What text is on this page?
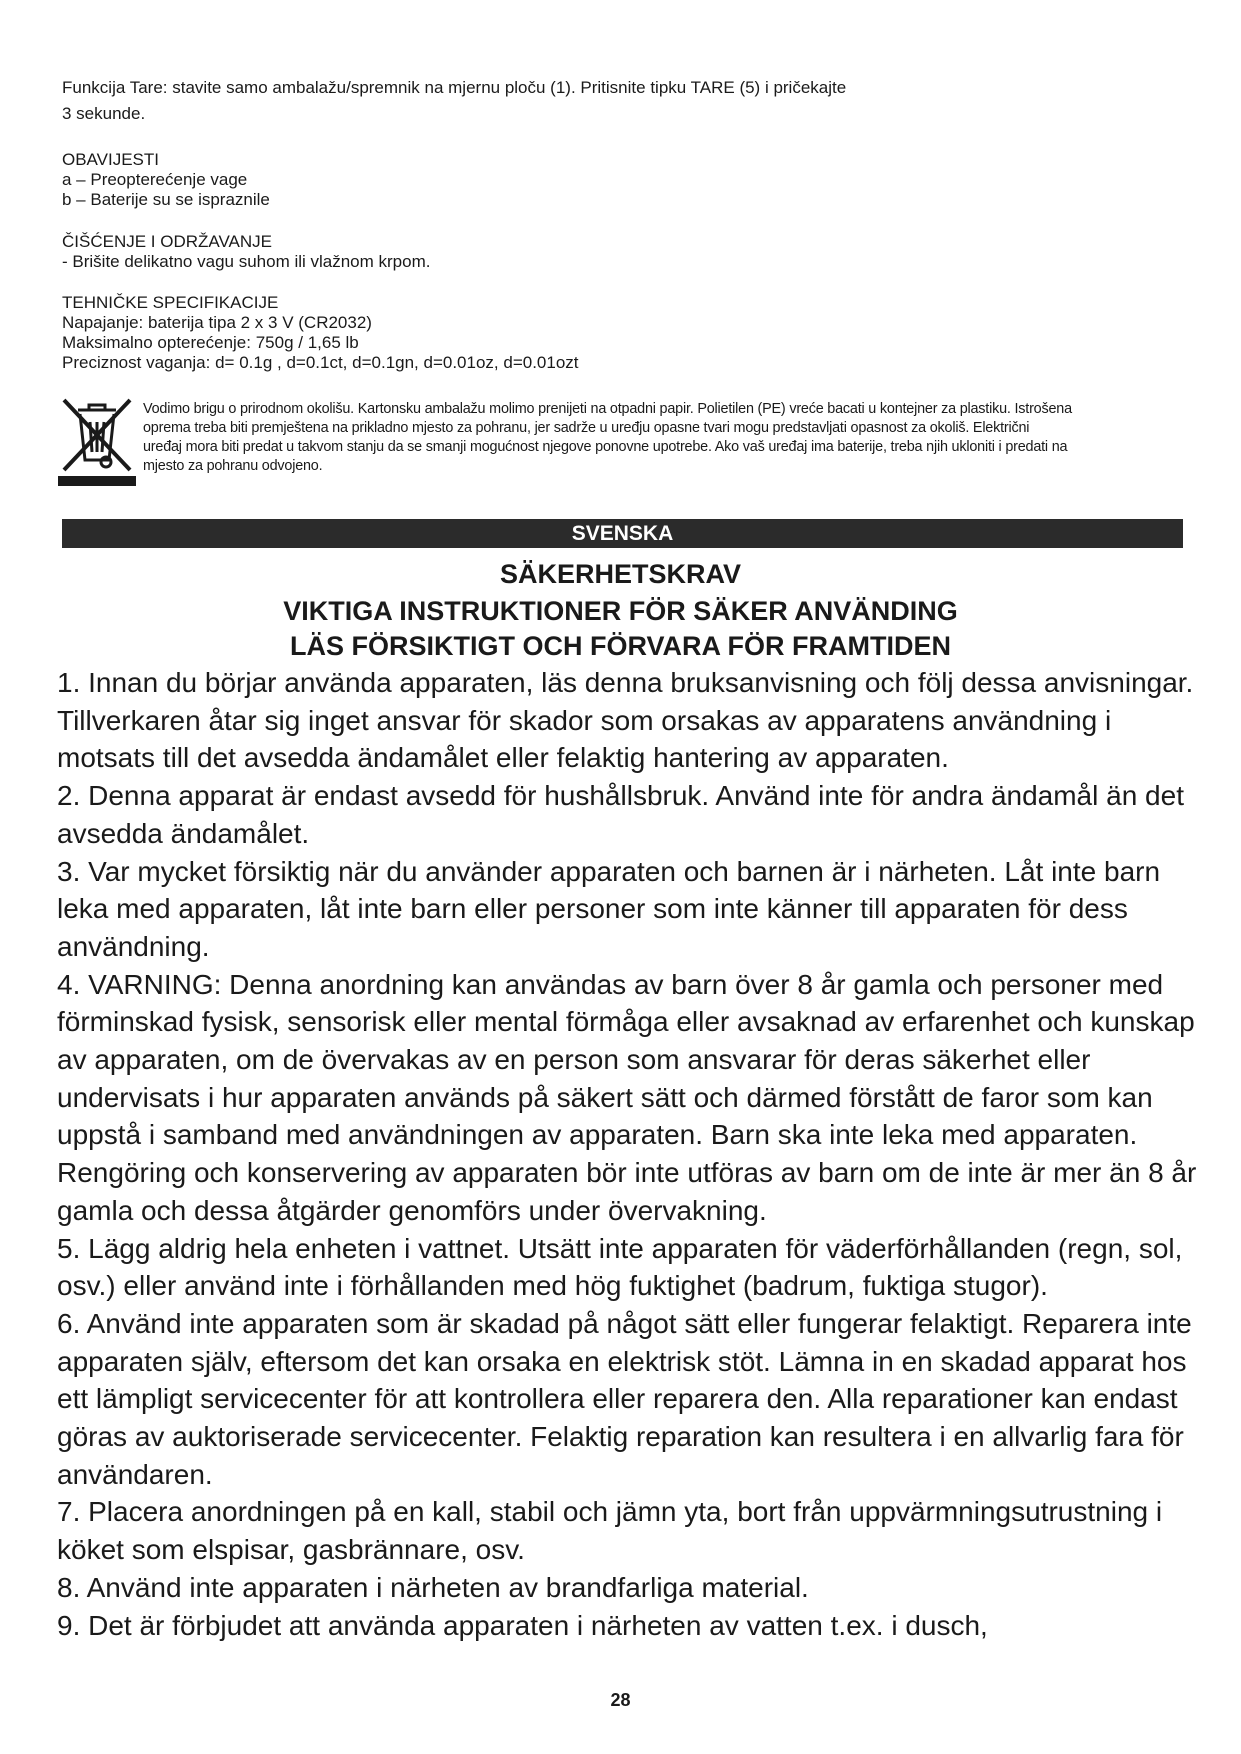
Funkcija Tare: stavite samo ambalažu/spremnik na mjernu ploču (1). Pritisnite tipku TARE (5) i pričekajte
3 sekunde.
OBAVIJESTI
a – Preopterećenje vage
b – Baterije su se ispraznile
ČIŠĆENJE I ODRŽAVANJE
- Brišite delikatno vagu suhom ili vlažnom krpom.
TEHNIČKE SPECIFIKACIJE
Napajanje: baterija tipa 2 x 3 V (CR2032)
Maksimalno opterećenje: 750g / 1,65 lb
Preciznost vaganja: d= 0.1g , d=0.1ct, d=0.1gn, d=0.01oz, d=0.01ozt
Vodimo brigu o prirodnom okolišu. Kartonsku ambalažu molimo prenijeti na otpadni papir. Polietilen (PE) vreće bacati u kontejner za plastiku. Istrošena
oprema treba biti premještena na prikladno mjesto za pohranu, jer sadrže u uređju opasne tvari mogu predstavljati opasnost za okoliš. Električni
uređaj mora biti predat u takvom stanju da se smanji mogućnost njegove ponovne upotrebe. Ako vaš uređaj ima baterije, treba njih ukloniti i predati na
mjesto za pohranu odvojeno.
SVENSKA
SÄKERHETSKRAV
VIKTIGA INSTRUKTIONER FÖR SÄKER ANVÄNDING
LÄS FÖRSIKTIGT OCH FÖRVARA FÖR FRAMTIDEN

1. Innan du börjar använda apparaten, läs denna bruksanvisning och följ dessa anvisningar.

Tillverkaren åtar sig inget ansvar för skador som orsakas av apparatens användning i

motsats till det avsedda ändamålet eller felaktig hantering av apparaten.

2. Denna apparat är endast avsedd för hushållsbruk. Använd inte för andra ändamål än det

avsedda ändamålet.

3. Var mycket försiktig när du använder apparaten och barnen är i närheten. Låt inte barn

leka med apparaten, låt inte barn eller personer som inte känner till apparaten för dess

användning.

4. VARNING: Denna anordning kan användas av barn över 8 år gamla och personer med

förminskad fysisk, sensorisk eller mental förmåga eller avsaknad av erfarenhet och kunskap

av apparaten, om de övervakas av en person som ansvarar för deras säkerhet eller

undervisats i hur apparaten används på säkert sätt och därmed förstått de faror som kan

uppstå i samband med användningen av apparaten. Barn ska inte leka med apparaten.

Rengöring och konservering av apparaten bör inte utföras av barn om de inte är mer än 8 år

gamla och dessa åtgärder genomförs under övervakning.

5. Lägg aldrig hela enheten i vattnet. Utsätt inte apparaten för väderförhållanden (regn, sol,

osv.) eller använd inte i förhållanden med hög fuktighet (badrum, fuktiga stugor).

6. Använd inte apparaten som är skadad på något sätt eller fungerar felaktigt. Reparera inte

apparaten själv, eftersom det kan orsaka en elektrisk stöt. Lämna in en skadad apparat hos

ett lämpligt servicecenter för att kontrollera eller reparera den. Alla reparationer kan endast

göras av auktoriserade servicecenter. Felaktig reparation kan resultera i en allvarlig fara för

användaren.

7. Placera anordningen på en kall, stabil och jämn yta, bort från uppvärmningsutrustning i

köket som elspisar, gasbrännare, osv.

8. Använd inte apparaten i närheten av brandfarliga material.

9. Det är förbjudet att använda apparaten i närheten av vatten t.ex. i dusch,

28
